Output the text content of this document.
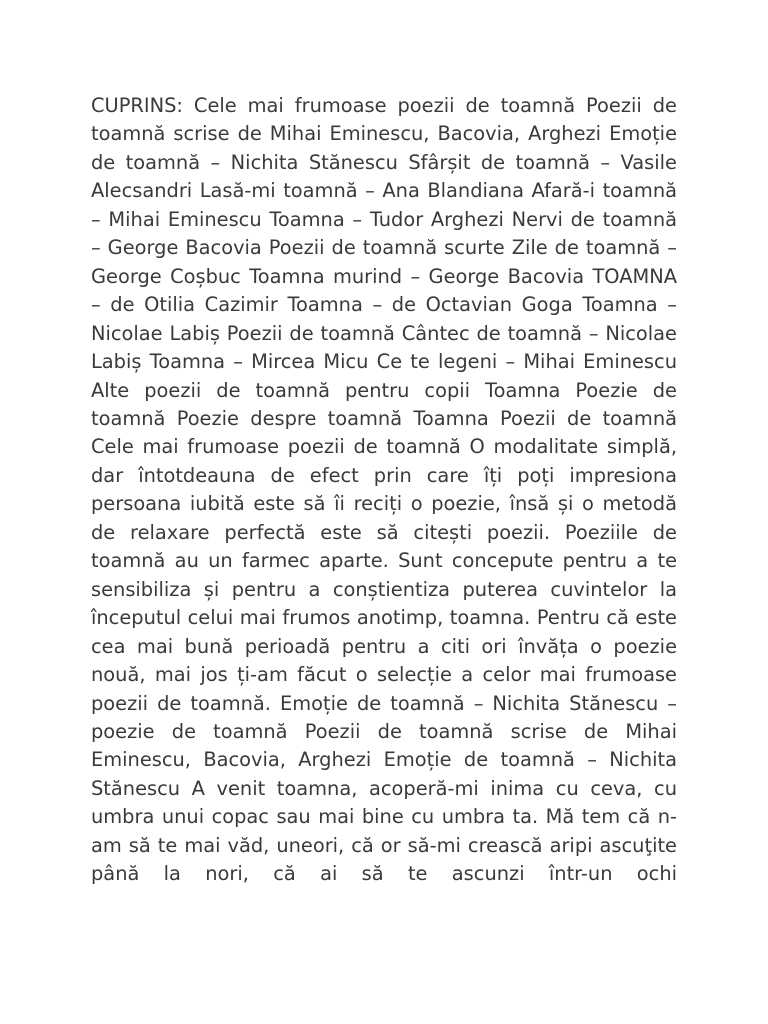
CUPRINS: Cele mai frumoase poezii de toamnă Poezii de toamnă scrise de Mihai Eminescu, Bacovia, Arghezi Emoție de toamnă – Nichita Stănescu Sfârșit de toamnă – Vasile Alecsandri Lasă-mi toamnă – Ana Blandiana Afară-i toamnă – Mihai Eminescu Toamna – Tudor Arghezi Nervi de toamnă – George Bacovia Poezii de toamnă scurte Zile de toamnă – George Coșbuc Toamna murind – George Bacovia TOAMNA – de Otilia Cazimir Toamna – de Octavian Goga Toamna – Nicolae Labiș Poezii de toamnă Cântec de toamnă – Nicolae Labiș Toamna – Mircea Micu Ce te legeni – Mihai Eminescu Alte poezii de toamnă pentru copii Toamna Poezie de toamnă Poezie despre toamnă Toamna Poezii de toamnă Cele mai frumoase poezii de toamnă O modalitate simplă, dar întotdeauna de efect prin care îți poți impresiona persoana iubită este să îi reciți o poezie, însă și o metodă de relaxare perfectă este să citești poezii. Poeziile de toamnă au un farmec aparte. Sunt concepute pentru a te sensibiliza și pentru a conștientiza puterea cuvintelor la începutul celui mai frumos anotimp, toamna. Pentru că este cea mai bună perioadă pentru a citi ori învăța o poezie nouă, mai jos ți-am făcut o selecție a celor mai frumoase poezii de toamnă. Emoție de toamnă – Nichita Stănescu – poezie de toamnă Poezii de toamnă scrise de Mihai Eminescu, Bacovia, Arghezi Emoție de toamnă – Nichita Stănescu A venit toamna, acoperă-mi inima cu ceva, cu umbra unui copac sau mai bine cu umbra ta. Mă tem că n-am să te mai văd, uneori, că or să-mi crească aripi ascuţite până la nori, că ai să te ascunzi într-un ochi
